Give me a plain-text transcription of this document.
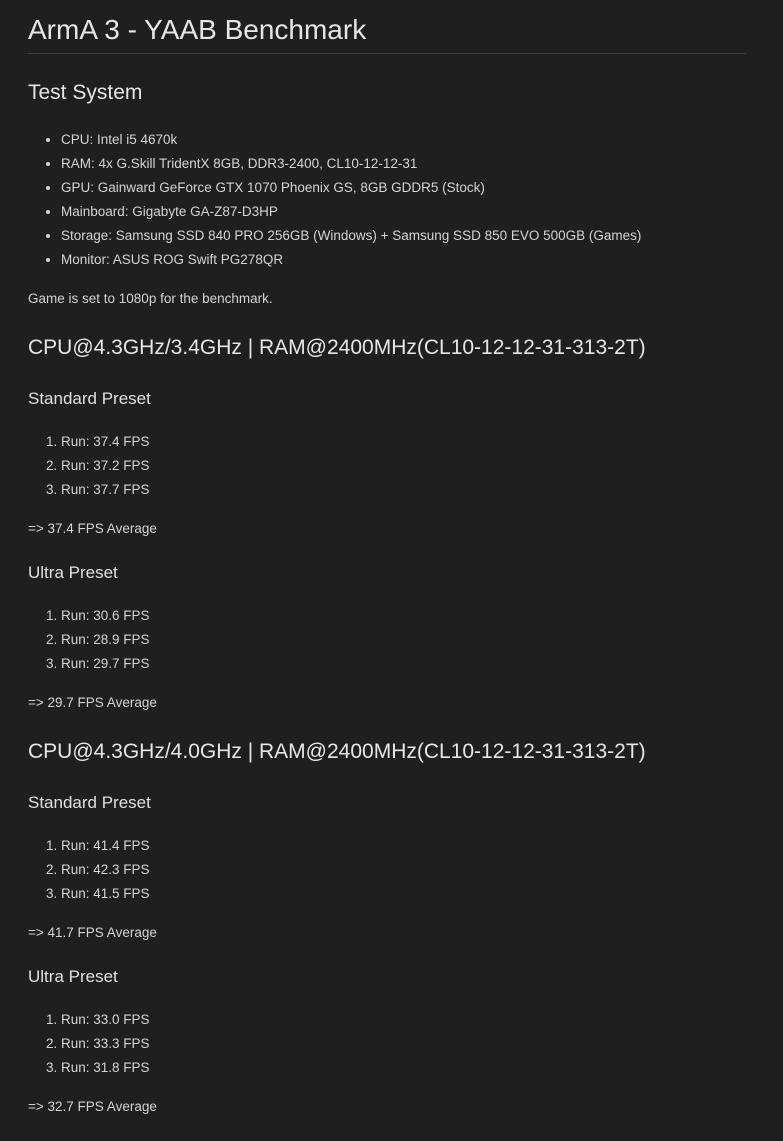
ArmA 3 - YAAB Benchmark
Test System
• CPU: Intel i5 4670k
• RAM: 4x G.Skill TridentX 8GB, DDR3-2400, CL10-12-12-31
• GPU: Gainward GeForce GTX 1070 Phoenix GS, 8GB GDDR5 (Stock)
• Mainboard: Gigabyte GA-Z87-D3HP
• Storage: Samsung SSD 840 PRO 256GB (Windows) + Samsung SSD 850 EVO 500GB (Games)
• Monitor: ASUS ROG Swift PG278QR

Game is set to 1080p for the benchmark.

CPU@4.3GHz/3.4GHz | RAM@2400MHz(CL10-12-12-31-313-2T)
Standard Preset
1. Run: 37.4 FPS
2. Run: 37.2 FPS
3. Run: 37.7 FPS

=> 37.4 FPS Average

Ultra Preset
1. Run: 30.6 FPS
2. Run: 28.9 FPS
3. Run: 29.7 FPS

=> 29.7 FPS Average

CPU@4.3GHz/4.0GHz | RAM@2400MHz(CL10-12-12-31-313-2T)
Standard Preset
1. Run: 41.4 FPS
2. Run: 42.3 FPS
3. Run: 41.5 FPS

=> 41.7 FPS Average

Ultra Preset
1. Run: 33.0 FPS
2. Run: 33.3 FPS
3. Run: 31.8 FPS

=> 32.7 FPS Average
